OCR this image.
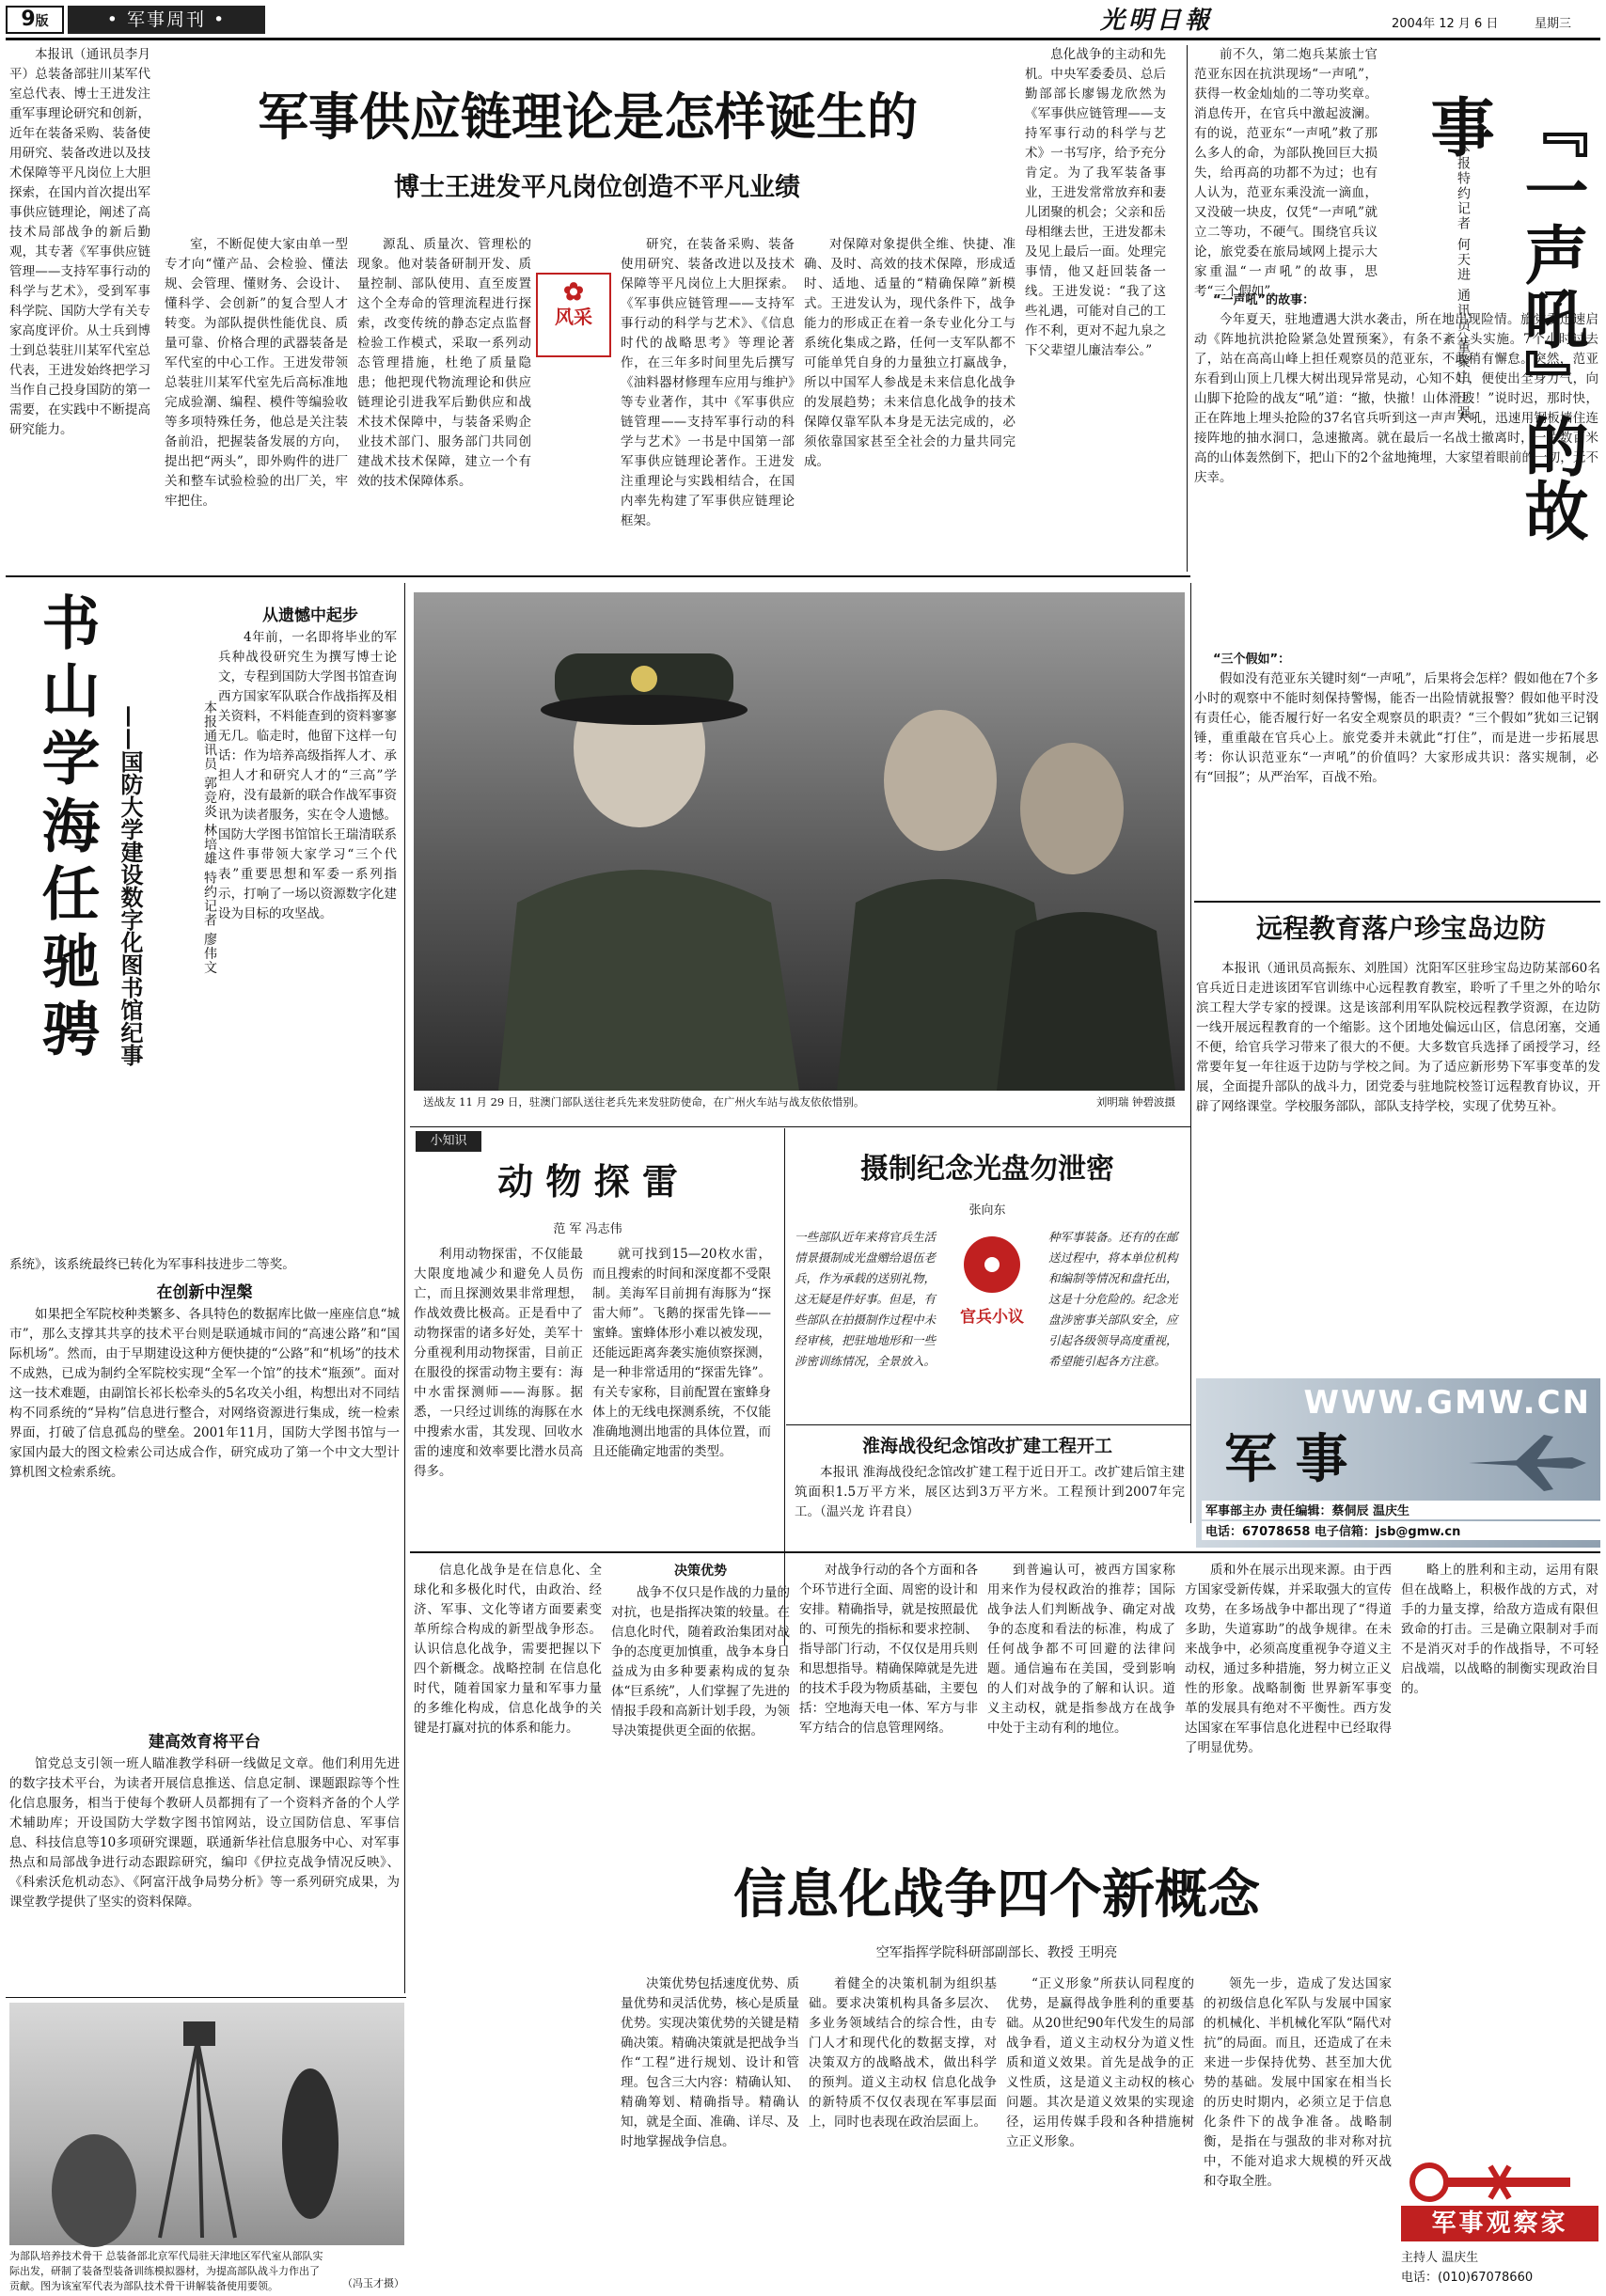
9版	• 军事周刊 •	光明日報	2004年 12 月 6 日	星期三
军事供应链理论是怎样诞生的
博士王进发平凡岗位创造不平凡业绩
✿
风采

本报讯（通讯员李月平）总装备部驻川某军代室总代表、博士王进发注重军事理论研究和创新，近年在装备采购、装备使用研究、装备改进以及技术保障等平凡岗位上大胆探索，在国内首次提出军事供应链理论，阐述了高技术局部战争的新后勤观，其专著《军事供应链管理——支持军事行动的科学与艺术》，受到军事科学院、国防大学有关专家高度评价。从士兵到博士到总装驻川某军代室总代表，王进发始终把学习当作自己投身国防的第一需要，在实践中不断提高研究能力。

室，不断促使大家由单一型专才向“懂产品、会检验、懂法规、会管理、懂财务、会设计、懂科学、会创新”的复合型人才转变。为部队提供性能优良、质量可靠、价格合理的武器装备是军代室的中心工作。王进发带领总装驻川某军代室先后高标准地完成验潮、编程、模件等编验收等多项特殊任务，他总是关注装备前沿，把握装备发展的方向，提出把“两头”，即外购件的进厂关和整车试验检验的出厂关，牢牢把住。

源乱、质量次、管理松的现象。他对装备研制开发、质量控制、部队使用、直至废置这个全寿命的管理流程进行探索，改变传统的静态定点监督检验工作模式，采取一系列动态管理措施，杜绝了质量隐患；他把现代物流理论和供应链理论引进我军后勤供应和战术技术保障中，与装备采购企业技术部门、服务部门共同创建战术技术保障，建立一个有效的技术保障体系。

研究，在装备采购、装备使用研究、装备改进以及技术保障等平凡岗位上大胆探索。《军事供应链管理——支持军事行动的科学与艺术》、《信息时代的战略思考》等理论著作，在三年多时间里先后撰写《油料器材修理车应用与维护》等专业著作，其中《军事供应链管理——支持军事行动的科学与艺术》一书是中国第一部军事供应链理论著作。王进发注重理论与实践相结合，在国内率先构建了军事供应链理论框架。

对保障对象提供全维、快捷、准确、及时、高效的技术保障，形成适时、适地、适量的“精确保障”新模式。王进发认为，现代条件下，战争能力的形成正在着一条专业化分工与系统化集成之路，任何一支军队都不可能单凭自身的力量独立打赢战争，所以中国军人参战是未来信息化战争的发展趋势；未来信息化战争的技术保障仅靠军队本身是无法完成的，必须依靠国家甚至全社会的力量共同完成。

息化战争的主动和先机。中央军委委员、总后勤部部长廖锡龙欣然为《军事供应链管理——支持军事行动的科学与艺术》一书写序，给予充分肯定。为了我军装备事业，王进发常常放弃和妻儿团聚的机会；父亲和岳母相继去世，王进发都未及见上最后一面。处理完事情，他又赶回装备一线。王进发说：“我了这些礼遇，可能对自己的工作不利，更对不起九泉之下父辈望儿廉洁奉公。”

前不久，第二炮兵某旅士官范亚东因在抗洪现场“一声吼”，获得一枚金灿灿的二等功奖章。消息传开，在官兵中激起波澜。有的说，范亚东“一声吼”救了那么多人的命，为部队挽回巨大损失，给再高的功都不为过；也有人认为，范亚东乘没流一滴血，又没破一块皮，仅凭“一声吼”就立二等功，不硬气。围绕官兵议论，旅党委在旅局域网上提示大家重温“一声吼”的故事，思考“三个假如”。	本报特约记者 何天进 通讯员 董聚山 王强 『一声吼』的故事
“一声吼”的故事：

今年夏天，驻地遭遇大洪水袭击，所在地出现险情。旅党委迅速启动《阵地抗洪抢险紧急处置预案》，有条不紊分头实施。7个小时过去了，站在高高山峰上担任观察员的范亚东，不敢稍有懈怠。突然，范亚东看到山顶上几棵大树出现异常晃动，心知不好，便使出全身力气，向山脚下抢险的战友“吼”道：“撤，快撤！山体滑坡！”说时迟，那时快，正在阵地上埋头抢险的37名官兵听到这一声声大吼，迅速用钢板墙住连接阵地的抽水洞口，急速撤离。就在最后一名战士撤离时，一片数百米高的山体轰然倒下，把山下的2个盆地掩埋，大家望着眼前的一切，无不庆幸。

“三个假如”：

假如没有范亚东关键时刻“一声吼”，后果将会怎样？假如他在7个多小时的观察中不能时刻保持警惕，能否一出险情就报警？假如他平时没有责任心，能否履行好一名安全观察员的职责？“三个假如”犹如三记钢锤，重重敲在官兵心上。旅党委并未就此“打住”，而是进一步拓展思考：你认识范亚东“一声吼”的价值吗？大家形成共识：落实规制，必有“回报”；从严治军，百战不殆。

书山学海任驰骋 ——国防大学建设数字化图书馆纪事	本报通讯员 郭竞炎 林培雄 特约记者 廖伟文
从遗憾中起步

4年前，一名即将毕业的军兵种战役研究生为撰写博士论文，专程到国防大学图书馆查询西方国家军队联合作战指挥及相关资料，不料能查到的资料寥寥无几。临走时，他留下这样一句话：作为培养高级指挥人才、承担人才和研究人才的“三高”学府，没有最新的联合作战军事资讯为读者服务，实在令人遗憾。国防大学图书馆馆长王瑞清联系这件事带领大家学习“三个代表”重要思想和军委一系列指示，打响了一场以资源数字化建设为目标的攻坚战。

系统》，该系统最终已转化为军事科技进步二等奖。

在创新中涅槃

如果把全军院校种类繁多、各具特色的数据库比做一座座信息“城市”，那么支撑其共享的技术平台则是联通城市间的“高速公路”和“国际机场”。然而，由于早期建设这种方便快捷的“公路”和“机场”的技术不成熟，已成为制约全军院校实现“全军一个馆”的技术“瓶颈”。面对这一技术难题，由副馆长祁长松牵头的5名攻关小组，构想出对不同结构不同系统的“异构”信息进行整合，对网络资源进行集成，统一检索界面，打破了信息孤岛的壁垒。2001年11月，国防大学图书馆与一家国内最大的图文检索公司达成合作，研究成功了第一个中文大型计算机图文检索系统。

建高效育将平台

馆党总支引领一班人瞄准教学科研一线做足文章。他们利用先进的数字技术平台，为读者开展信息推送、信息定制、课题跟踪等个性化信息服务，相当于使每个教研人员都拥有了一个资料齐备的个人学术辅助库；开设国防大学数字图书馆网站，设立国防信息、军事信息、科技信息等10多项研究课题，联通新华社信息服务中心、对军事热点和局部战争进行动态跟踪研究，编印《伊拉克战争情况反映》、《科索沃危机动态》、《阿富汗战争局势分析》等一系列研究成果，为课堂教学提供了坚实的资料保障。

送战友 11 月 29 日，驻澳门部队送往老兵先来发驻防使命，在广州火车站与战友依依惜别。	刘明瑞 钟碧波摄
小知识
动 物 探 雷
范 军 冯志伟

利用动物探雷，不仅能最大限度地减少和避免人员伤亡，而且探测效果非常理想，作战效费比极高。正是看中了动物探雷的诸多好处，美军十分重视利用动物探雷，目前正在服役的探雷动物主要有：海中水雷探测师——海豚。据悉，一只经过训练的海豚在水中搜索水雷，其发现、回收水雷的速度和效率要比潜水员高得多。

就可找到15—20枚水雷，而且搜索的时间和深度都不受限制。美海军目前拥有海豚为“探雷大师”。飞鹅的探雷先锋——蜜蜂。蜜蜂体形小难以被发现，还能远距离奔袭实施侦察探测，是一种非常适用的“探雷先锋”。有关专家称，目前配置在蜜蜂身体上的无线电探测系统，不仅能准确地测出地雷的具体位置，而且还能确定地雷的类型。

摄制纪念光盘勿泄密
张向东
一些部队近年来将官兵生活情景摄制成光盘赠给退伍老兵，作为承载的送别礼物，这无疑是件好事。但是，有些部队在拍摄制作过程中未经审核，把驻地地形和一些涉密训练情况，全景放入。
官兵小议
种军事装备。还有的在邮送过程中，将本单位机构和编制等情况和盘托出，这是十分危险的。纪念光盘涉密事关部队安全，应引起各级领导高度重视，希望能引起各方注意。
淮海战役纪念馆改扩建工程开工

本报讯 淮海战役纪念馆改扩建工程于近日开工。改扩建后馆主建筑面积1.5万平方米，展区达到3万平方米。工程预计到2007年完工。（温兴龙 许君良）

远程教育落户珍宝岛边防

本报讯（通讯员高振东、刘胜国）沈阳军区驻珍宝岛边防某部60名官兵近日走进该团军官训练中心远程教育教室，聆听了千里之外的哈尔滨工程大学专家的授课。这是该部利用军队院校远程教学资源，在边防一线开展远程教育的一个缩影。这个团地处偏远山区，信息闭塞，交通不便，给官兵学习带来了很大的不便。大多数官兵选择了函授学习，经常要年复一年往返于边防与学校之间。为了适应新形势下军事变革的发展，全面提升部队的战斗力，团党委与驻地院校签订远程教育协议，开辟了网络课堂。学校服务部队，部队支持学校，实现了优势互补。

WWW.GMW.CN
军 事
军事部主办 责任编辑：蔡侗辰 温庆生
电话：67078658 电子信箱：jsb@gmw.cn

信息化战争是在信息化、全球化和多极化时代，由政治、经济、军事、文化等诸方面要素变革所综合构成的新型战争形态。认识信息化战争，需要把握以下四个新概念。战略控制 在信息化时代，随着国家力量和军事力量的多维化构成，信息化战争的关键是打赢对抗的体系和能力。

决策优势

战争不仅只是作战的力量的对抗，也是指挥决策的较量。在信息化时代，随着政治集团对战争的态度更加慎重，战争本身日益成为由多种要素构成的复杂体“巨系统”，人们掌握了先进的情报手段和高新计划手段，为领导决策提供更全面的依据。

对战争行动的各个方面和各个环节进行全面、周密的设计和安排。精确指导，就是按照最优的、可预先的指标和要求控制、指导部门行动，不仅仅是用兵则和思想指导。精确保障就是先进的技术手段为物质基础，主要包括：空地海天电一体、军方与非军方结合的信息管理网络。

到普遍认可，被西方国家称用来作为侵权政治的推荐；国际战争法人们判断战争、确定对战争的态度和看法的标准，构成了任何战争都不可回避的法律问题。通信遍布在美国，受到影响的人们对战争的了解和认识。道义主动权，就是指参战方在战争中处于主动有利的地位。

质和外在展示出现来源。由于西方国家受新传媒，并采取强大的宣传攻势，在多场战争中都出现了“得道多助，失道寡助”的战争规律。在未来战争中，必须高度重视争夺道义主动权，通过多种措施，努力树立正义性的形象。战略制衡 世界新军事变革的发展具有绝对不平衡性。西方发达国家在军事信息化进程中已经取得了明显优势。

略上的胜利和主动，运用有限但在战略上，积极作战的方式，对手的力量支撑，给敌方造成有限但致命的打击。三是确立限制对手而不是消灭对手的作战指导，不可轻启战端，以战略的制衡实现政治目的。

信息化战争四个新概念
空军指挥学院科研部副部长、教授 王明亮

决策优势包括速度优势、质量优势和灵活优势，核心是质量优势。实现决策优势的关键是精确决策。精确决策就是把战争当作“工程”进行规划、设计和管理。包含三大内容：精确认知、精确筹划、精确指导。精确认知，就是全面、准确、详尽、及时地掌握战争信息。

着健全的决策机制为组织基础。要求决策机构具备多层次、多业务领域结合的综合性，由专门人才和现代化的数据支撑，对决策双方的战略战术，做出科学的预判。道义主动权 信息化战争的新特质不仅仅表现在军事层面上，同时也表现在政治层面上。

“正义形象”所获认同程度的优势，是赢得战争胜利的重要基础。从20世纪90年代发生的局部战争看，道义主动权分为道义性质和道义效果。首先是战争的正义性质，这是道义主动权的核心问题。其次是道义效果的实现途径，运用传媒手段和各种措施树立正义形象。

领先一步，造成了发达国家的初级信息化军队与发展中国家的机械化、半机械化军队“隔代对抗”的局面。而且，还造成了在未来进一步保持优势、甚至加大优势的基础。发展中国家在相当长的历史时期内，必须立足于信息化条件下的战争准备。战略制衡，是指在与强敌的非对称对抗中，不能对追求大规模的歼灭战和夺取全胜。

为部队培养技术骨干 总装备部北京军代局驻天津地区军代室从部队实际出发，研制了装备型装备训练模拟器材，为提高部队战斗力作出了贡献。图为该室军代表为部队技术骨干讲解装备使用要领。	（冯玉才摄）
军事观察家
主持人 温庆生
电话：(010)67078660
